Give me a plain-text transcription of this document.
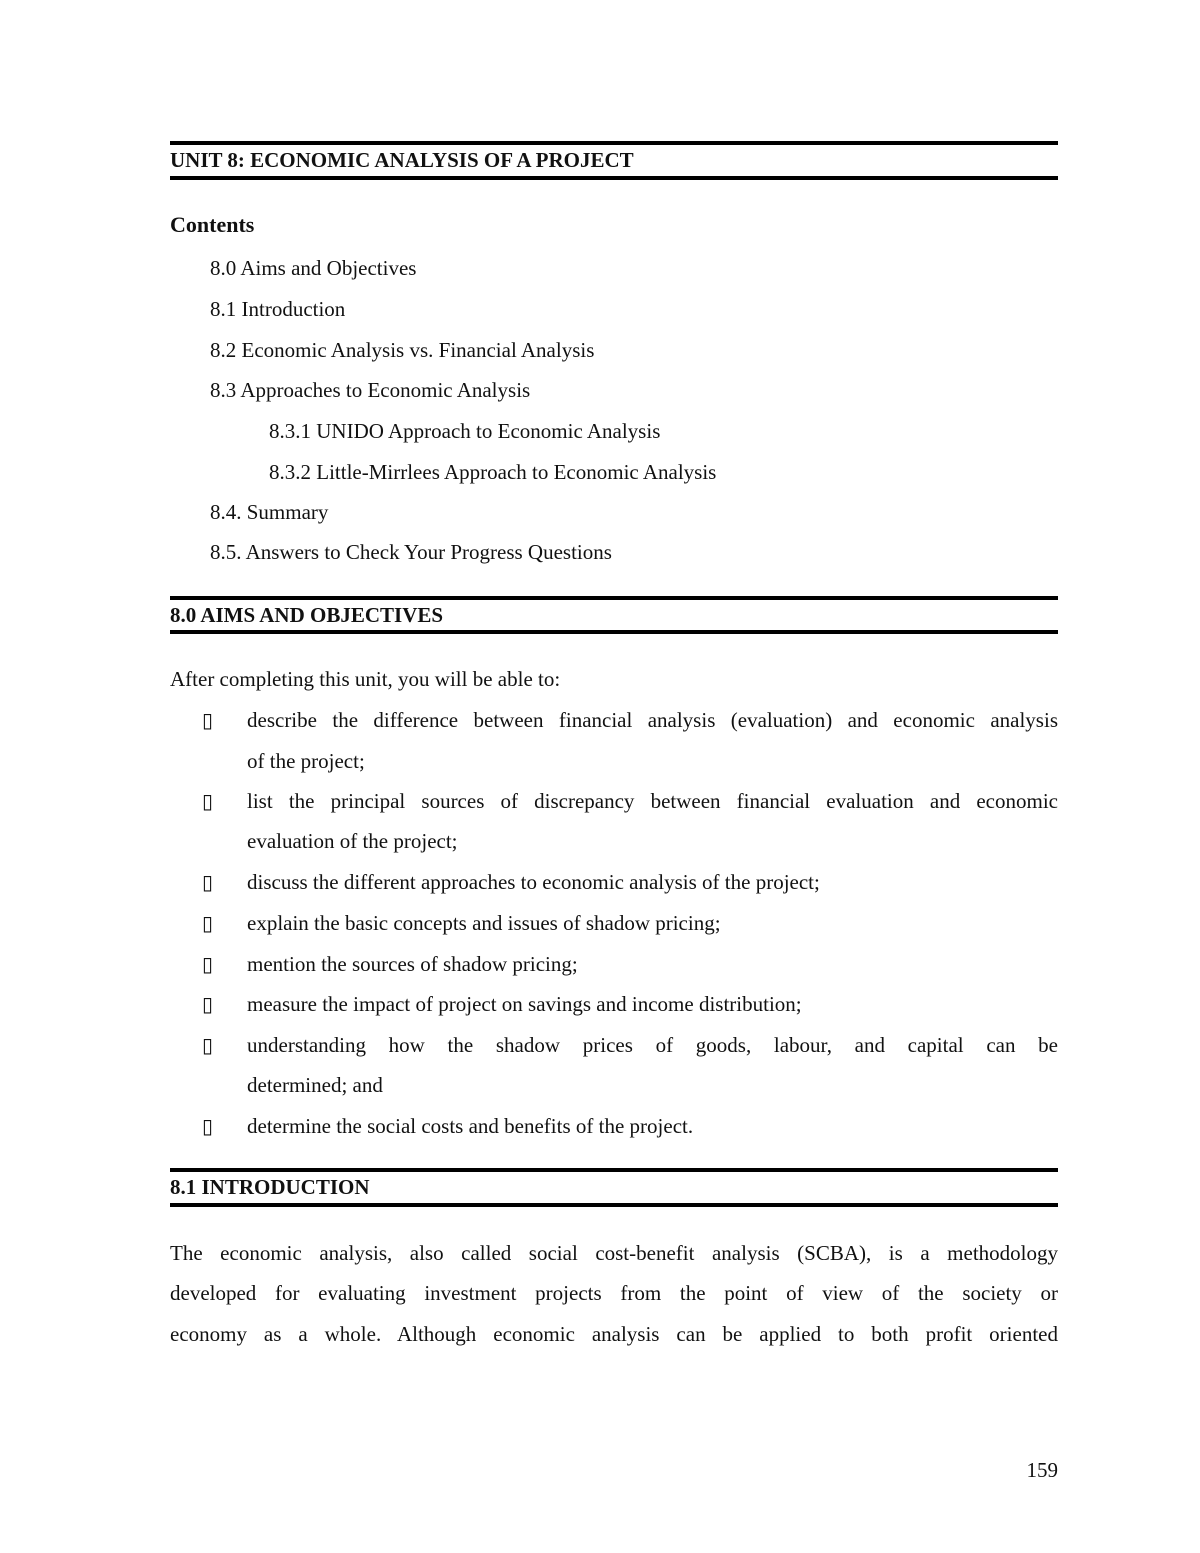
UNIT 8: ECONOMIC ANALYSIS OF A PROJECT
Contents
8.0 Aims and Objectives
8.1 Introduction
8.2 Economic Analysis vs. Financial Analysis
8.3 Approaches to Economic Analysis
8.3.1 UNIDO Approach to Economic Analysis
8.3.2 Little-Mirrlees Approach to Economic Analysis
8.4. Summary
8.5. Answers to Check Your Progress Questions
8.0 AIMS AND OBJECTIVES
After completing this unit, you will be able to:
▯ describe the difference between financial analysis (evaluation) and economic analysis
of the project;
▯ list the principal sources of discrepancy between financial evaluation and economic
evaluation of the project;
▯ discuss the different approaches to economic analysis of the project;
▯ explain the basic concepts and issues of shadow pricing;
▯ mention the sources of shadow pricing;
▯ measure the impact of project on savings and income distribution;
▯ understanding how the shadow prices of goods, labour, and capital can be
determined; and
▯ determine the social costs and benefits of the project.
8.1 INTRODUCTION
The economic analysis, also called social cost-benefit analysis (SCBA), is a methodology
developed for evaluating investment projects from the point of view of the society or
economy as a whole. Although economic analysis can be applied to both profit oriented
159
